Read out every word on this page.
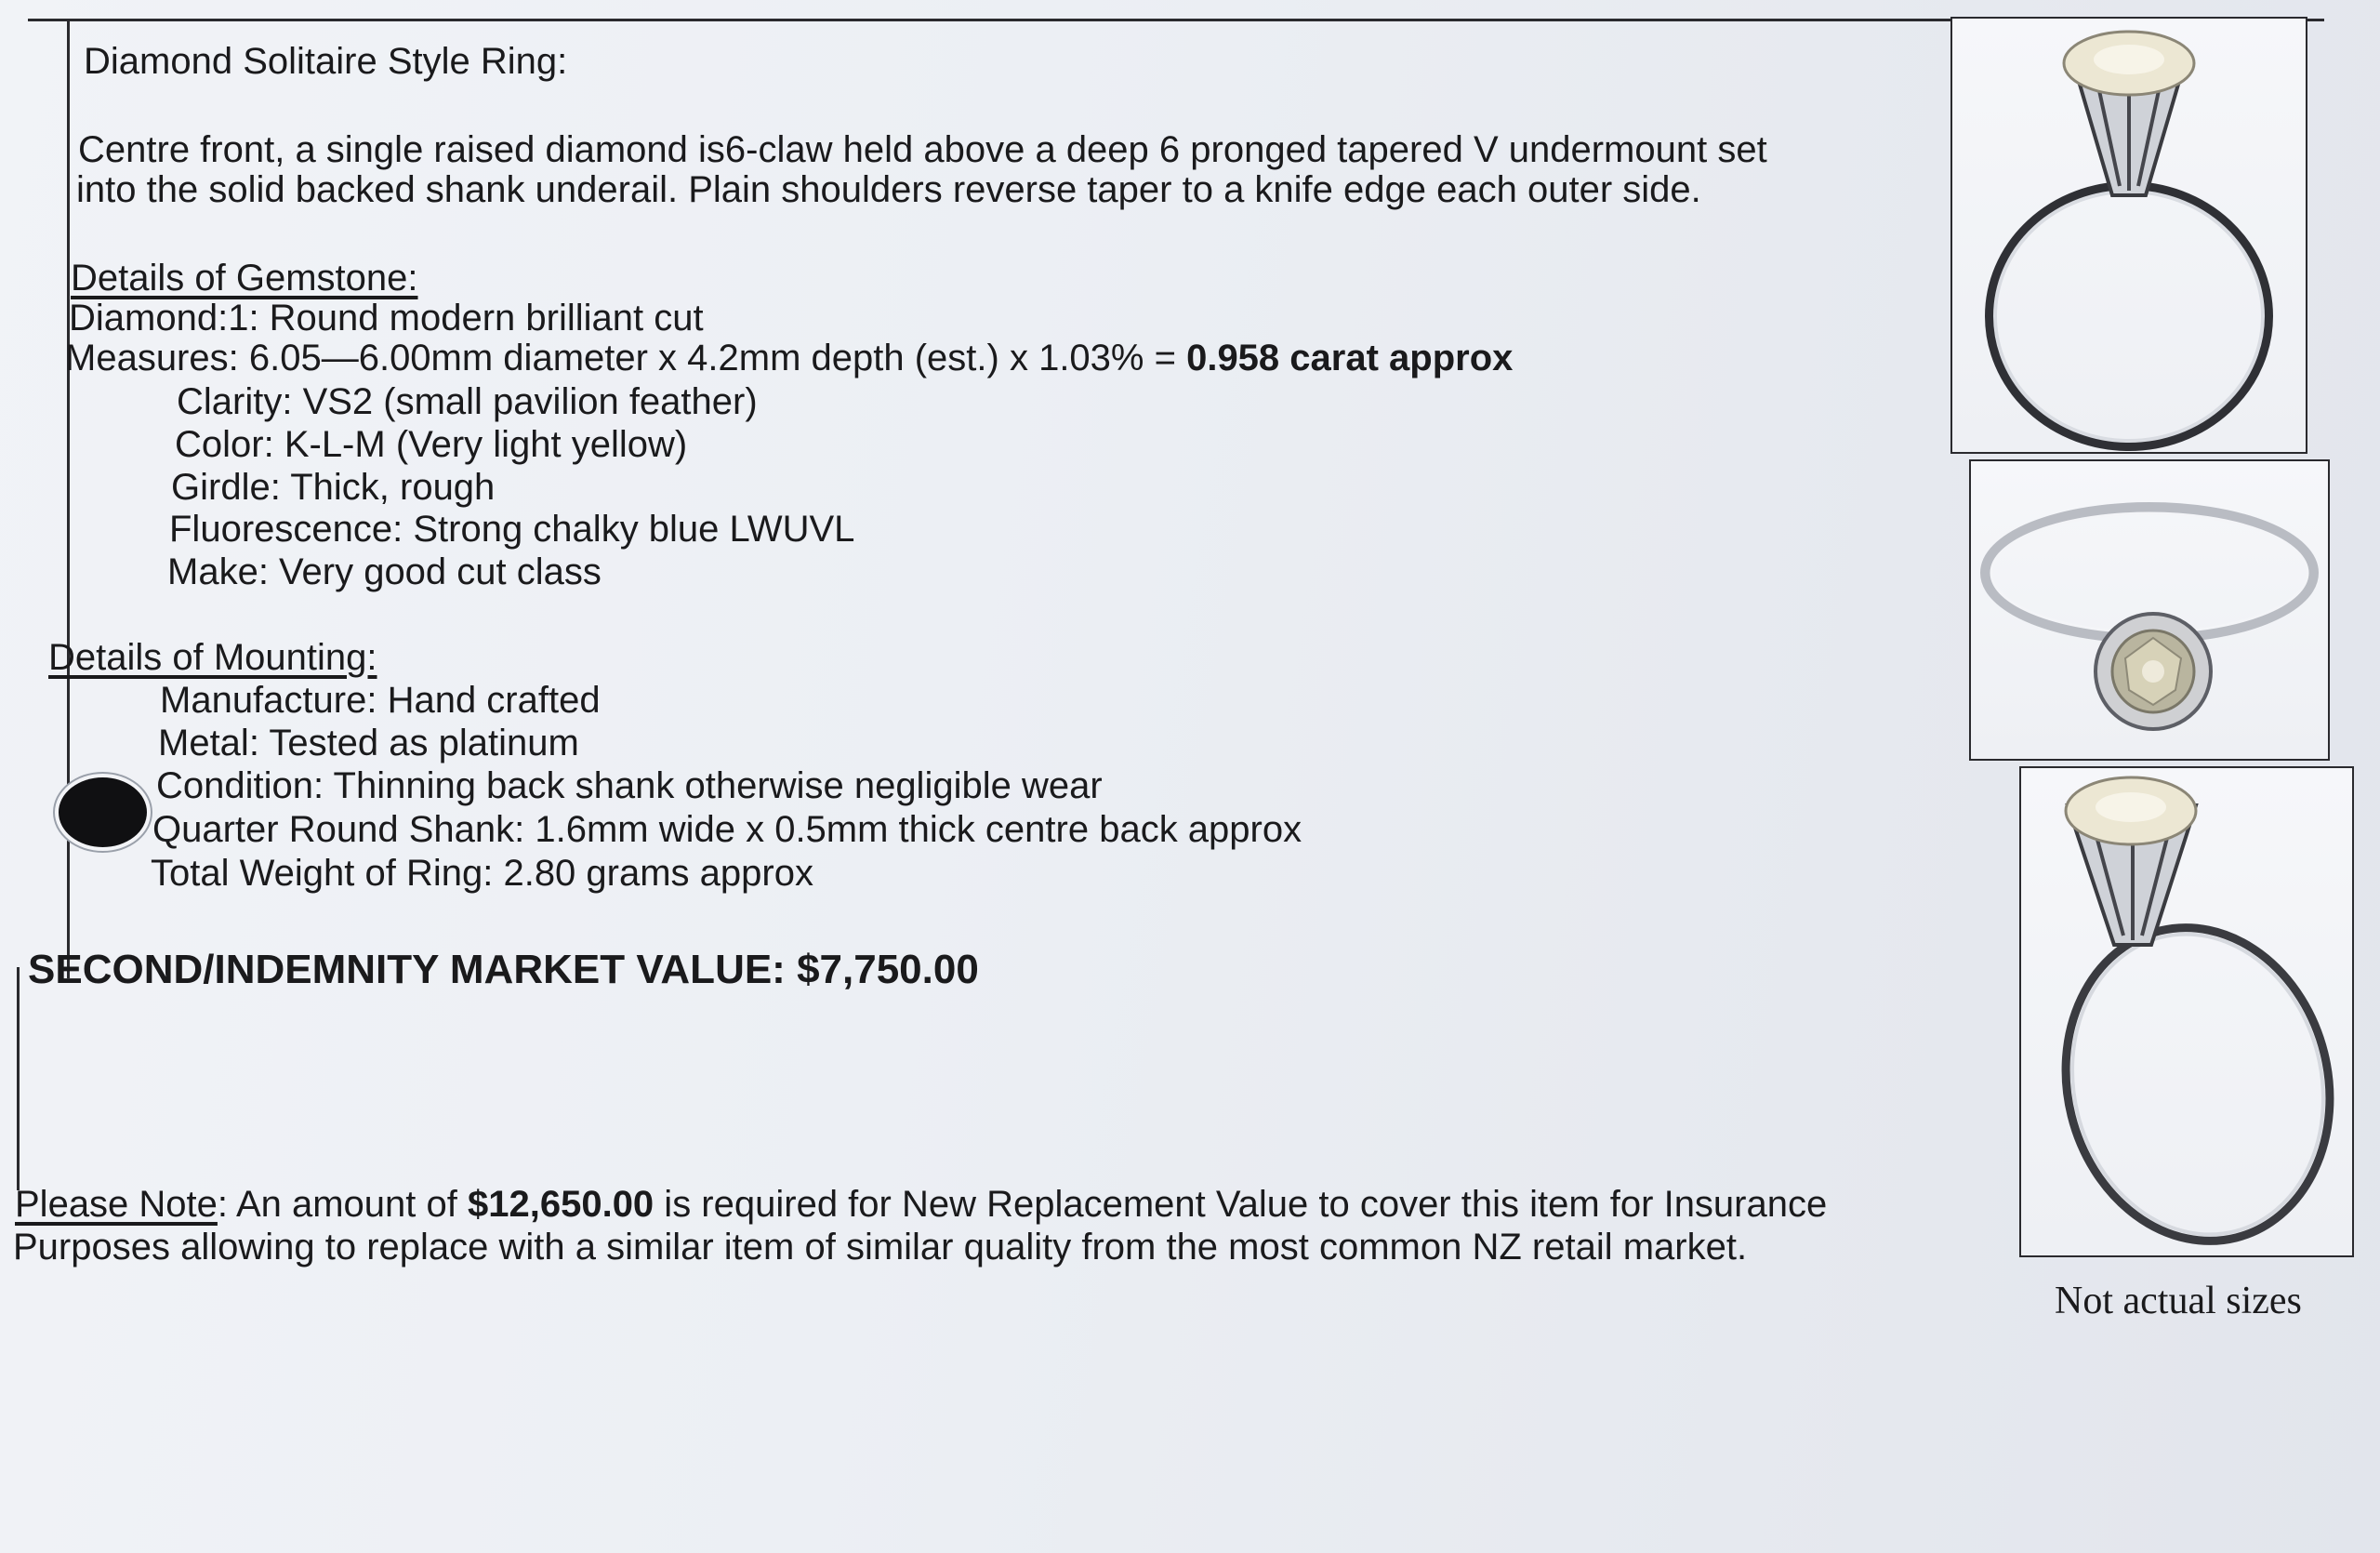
Diamond Solitaire Style Ring:
Centre front, a single raised diamond is6-claw held above a deep 6 pronged tapered V undermount set
into the solid backed shank underail. Plain shoulders reverse taper to a knife edge each outer side.
Details of Gemstone:
Diamond:1: Round modern brilliant cut
Measures: 6.05—6.00mm diameter x 4.2mm depth (est.) x 1.03% = 0.958 carat approx
Clarity: VS2 (small pavilion feather)
Color: K-L-M (Very light yellow)
Girdle: Thick, rough
Fluorescence: Strong chalky blue LWUVL
Make: Very good cut class
Details of Mounting:
Manufacture: Hand crafted
Metal: Tested as platinum
Condition: Thinning back shank otherwise negligible wear
Quarter Round Shank: 1.6mm wide x 0.5mm thick centre back approx
Total Weight of Ring: 2.80 grams approx
SECOND/INDEMNITY MARKET VALUE: $7,750.00
Please Note: An amount of $12,650.00 is required for New Replacement Value to cover this item for Insurance
Purposes allowing to replace with a similar item of similar quality from the most common NZ retail market.
Not actual sizes
